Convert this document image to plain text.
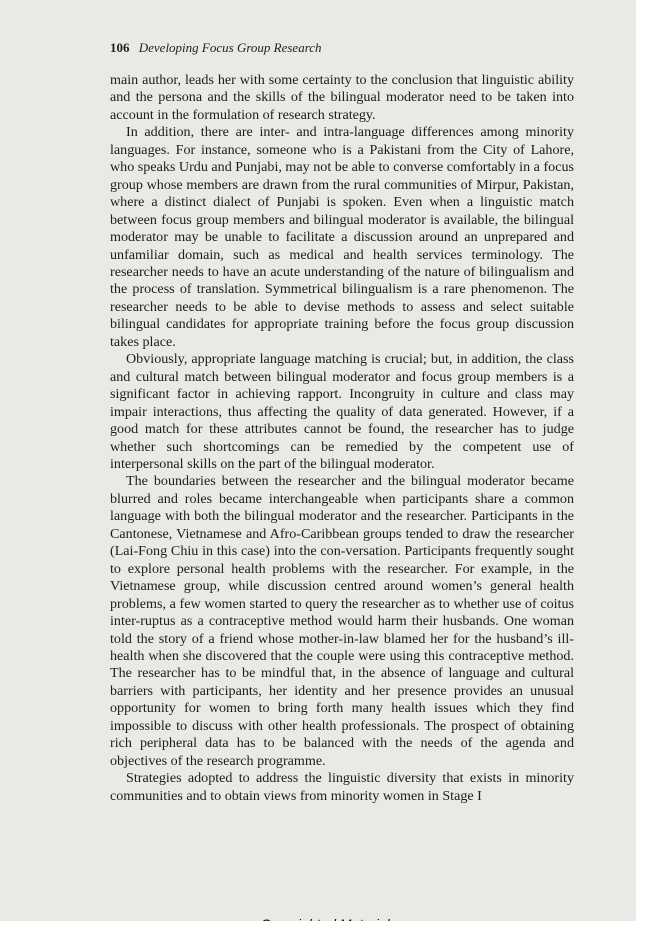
106 Developing Focus Group Research

main author, leads her with some certainty to the conclusion that linguistic ability and the persona and the skills of the bilingual moderator need to be taken into account in the formulation of research strategy.

In addition, there are inter- and intra-language differences among minority languages. For instance, someone who is a Pakistani from the City of Lahore, who speaks Urdu and Punjabi, may not be able to converse comfortably in a focus group whose members are drawn from the rural communities of Mirpur, Pakistan, where a distinct dialect of Punjabi is spoken. Even when a linguistic match between focus group members and bilingual moderator is available, the bilingual moderator may be unable to facilitate a discussion around an unprepared and unfamiliar domain, such as medical and health services terminology. The researcher needs to have an acute understanding of the nature of bilingualism and the process of translation. Symmetrical bilingualism is a rare phenomenon. The researcher needs to be able to devise methods to assess and select suitable bilingual candidates for appropriate training before the focus group discussion takes place.

Obviously, appropriate language matching is crucial; but, in addition, the class and cultural match between bilingual moderator and focus group members is a significant factor in achieving rapport. Incongruity in culture and class may impair interactions, thus affecting the quality of data generated. However, if a good match for these attributes cannot be found, the researcher has to judge whether such shortcomings can be remedied by the competent use of interpersonal skills on the part of the bilingual moderator.

The boundaries between the researcher and the bilingual moderator became blurred and roles became interchangeable when participants share a common language with both the bilingual moderator and the researcher. Participants in the Cantonese, Vietnamese and Afro-Caribbean groups tended to draw the researcher (Lai-Fong Chiu in this case) into the con-versation. Participants frequently sought to explore personal health problems with the researcher. For example, in the Vietnamese group, while discussion centred around women’s general health problems, a few women started to query the researcher as to whether use of coitus inter-ruptus as a contraceptive method would harm their husbands. One woman told the story of a friend whose mother-in-law blamed her for the husband’s ill-health when she discovered that the couple were using this contraceptive method. The researcher has to be mindful that, in the absence of language and cultural barriers with participants, her identity and her presence provides an unusual opportunity for women to bring forth many health issues which they find impossible to discuss with other health professionals. The prospect of obtaining rich peripheral data has to be balanced with the needs of the agenda and objectives of the research programme.

Strategies adopted to address the linguistic diversity that exists in minority communities and to obtain views from minority women in Stage I
